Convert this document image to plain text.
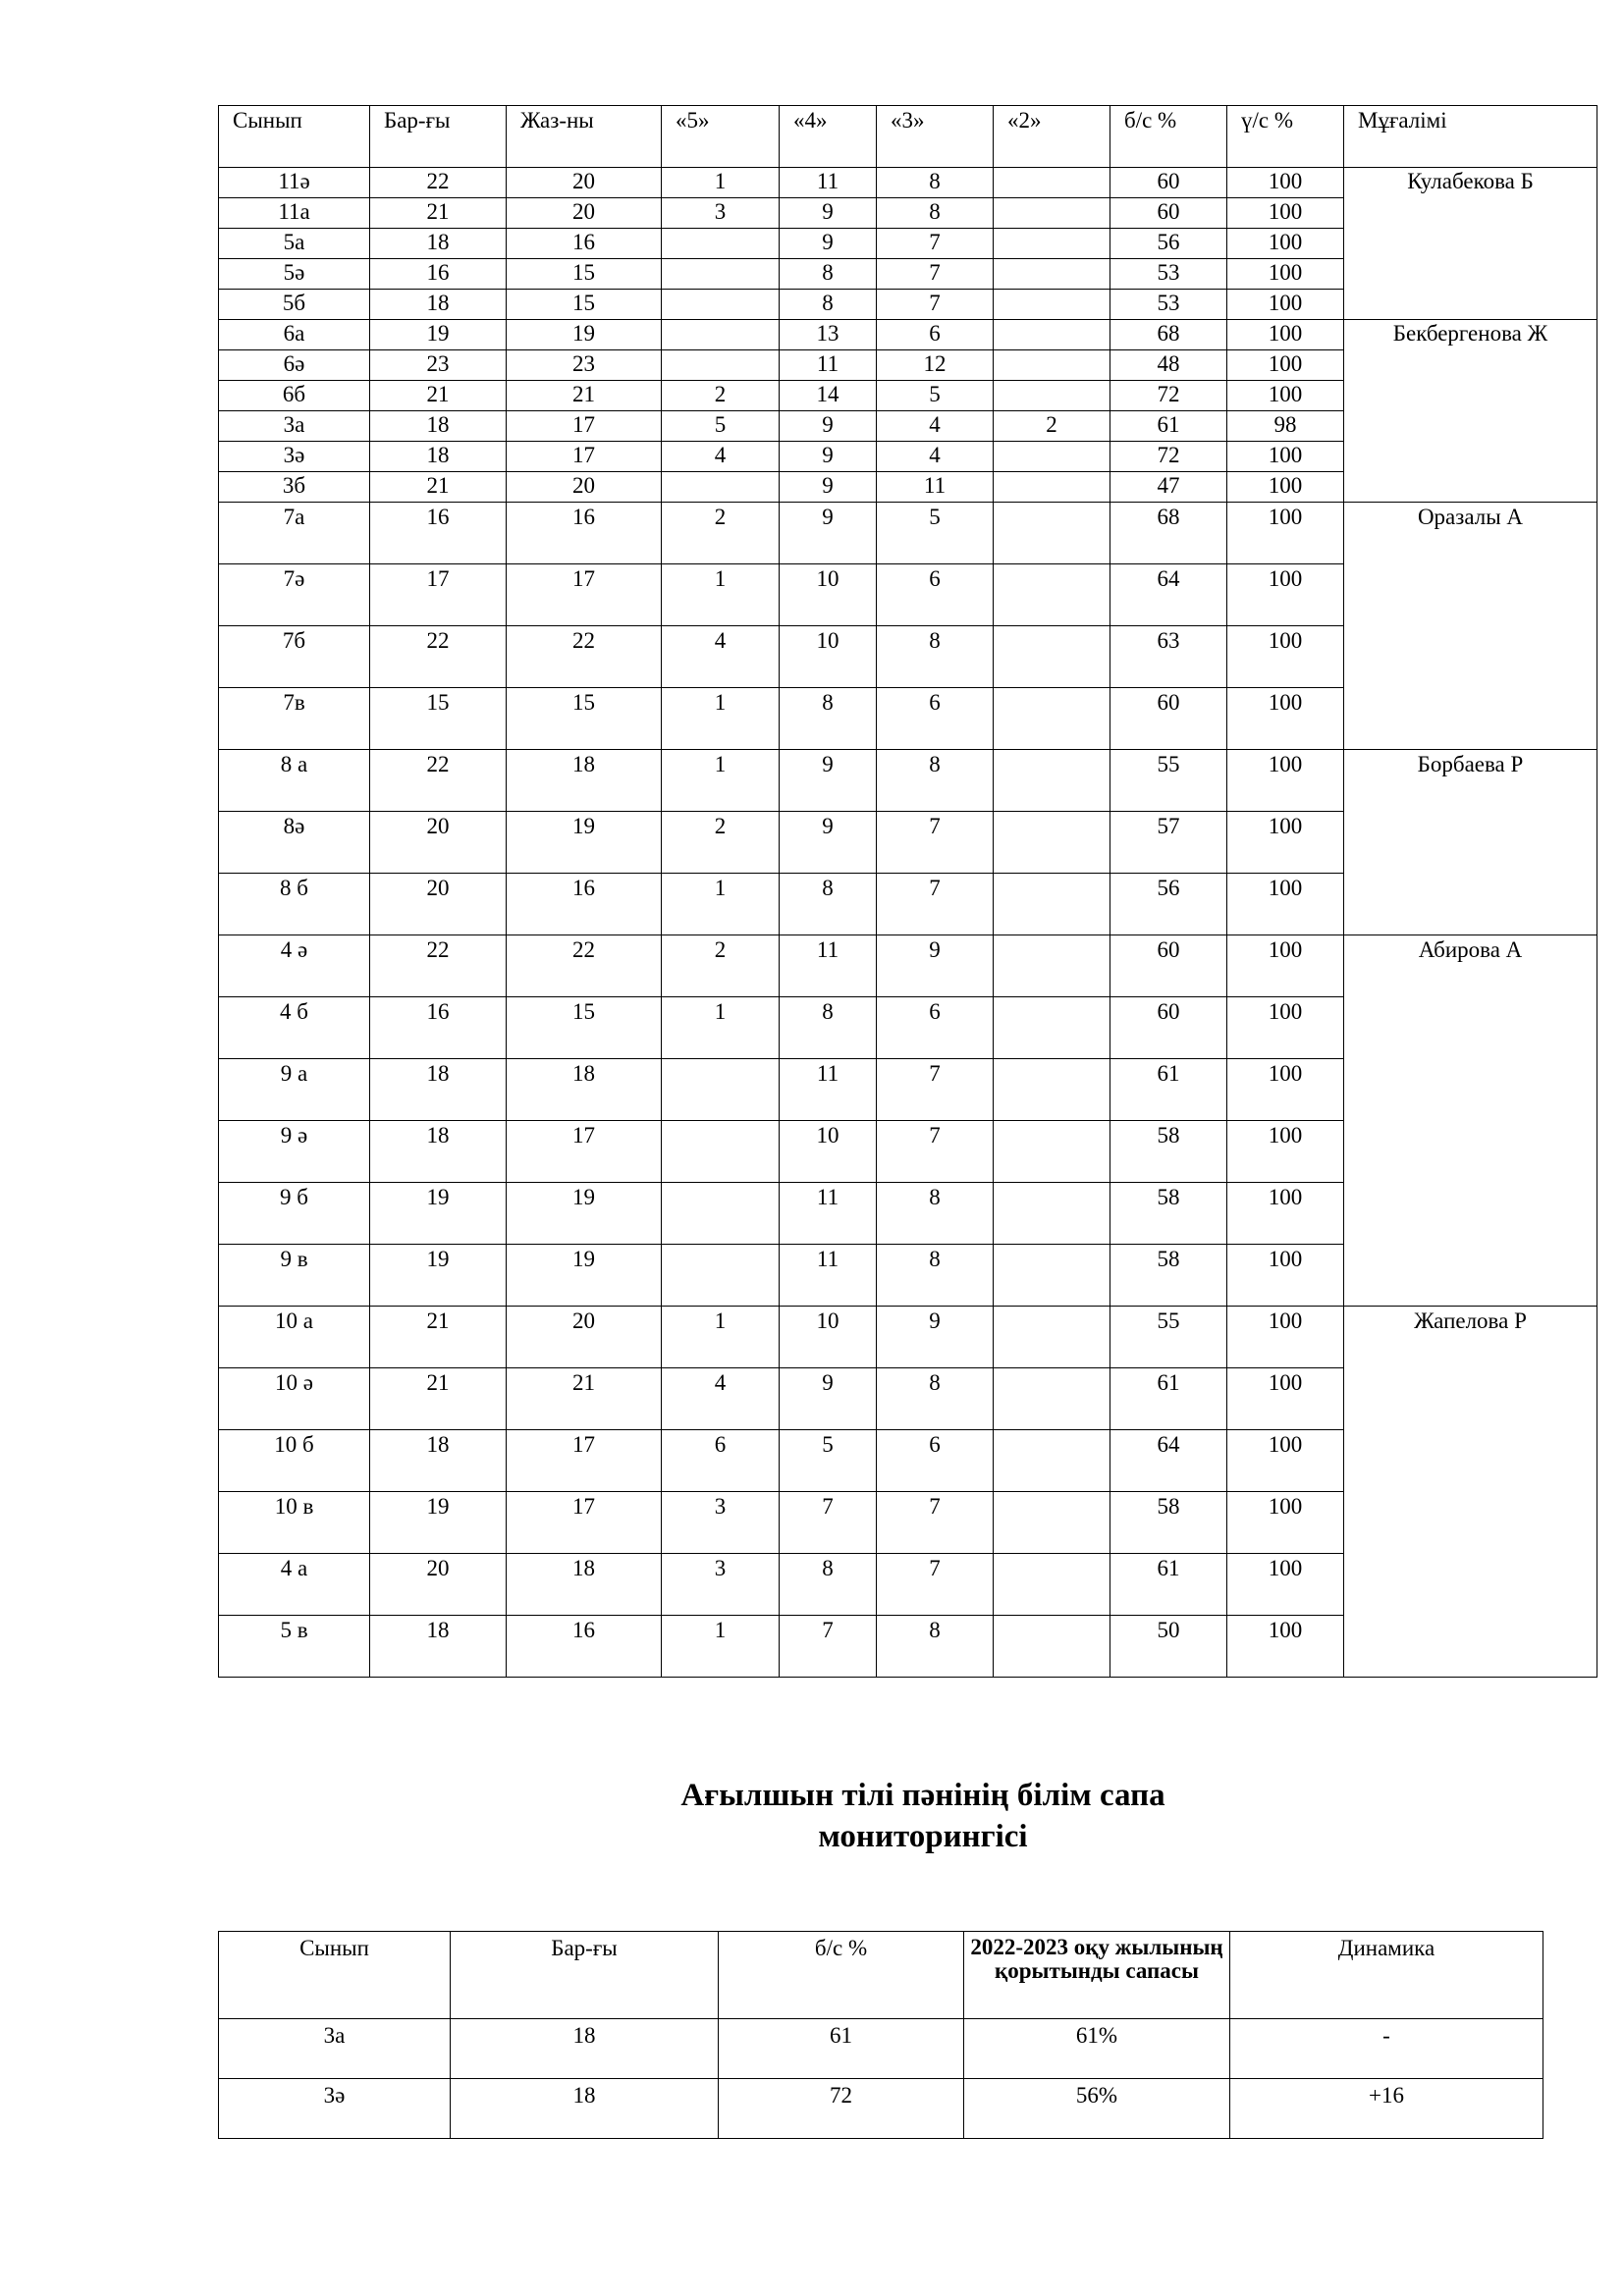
Сынып	Бар-ғы	Жаз-ны	«5»	«4»	«3»	«2»	б/с %	ү/с %	Мұғалімі
11ә	22	20	1	11	8		60	100	Кулабекова Б
11а	21	20	3	9	8		60	100	
5а	18	16		9	7		56	100	
5ә	16	15		8	7		53	100	
5б	18	15		8	7		53	100	
6а	19	19		13	6		68	100	Бекбергенова Ж
6ә	23	23		11	12		48	100	
6б	21	21	2	14	5		72	100	
3а	18	17	5	9	4	2	61	98	
3ә	18	17	4	9	4		72	100	
3б	21	20		9	11		47	100	
7а	16	16	2	9	5		68	100	Оразалы А
7ә	17	17	1	10	6		64	100	
7б	22	22	4	10	8		63	100	
7в	15	15	1	8	6		60	100	
8 а	22	18	1	9	8		55	100	Борбаева Р
8ә	20	19	2	9	7		57	100	
8 б	20	16	1	8	7		56	100	
4 ә	22	22	2	11	9		60	100	Абирова А
4 б	16	15	1	8	6		60	100	
9 а	18	18		11	7		61	100	
9 ә	18	17		10	7		58	100	
9 б	19	19		11	8		58	100	
9 в	19	19		11	8		58	100	
10 а	21	20	1	10	9		55	100	Жапелова Р
10 ә	21	21	4	9	8		61	100	
10 б	18	17	6	5	6		64	100	
10 в	19	17	3	7	7		58	100	
4 а	20	18	3	8	7		61	100	
5 в	18	16	1	7	8		50	100	
Ағылшын тілі пәнінің білім сапа
мониторингісі
Сынып	Бар-ғы	б/с %	2022-2023 оқу жылының қорытынды сапасы	Динамика
3а	18	61	61%	-
3ә	18	72	56%	+16
